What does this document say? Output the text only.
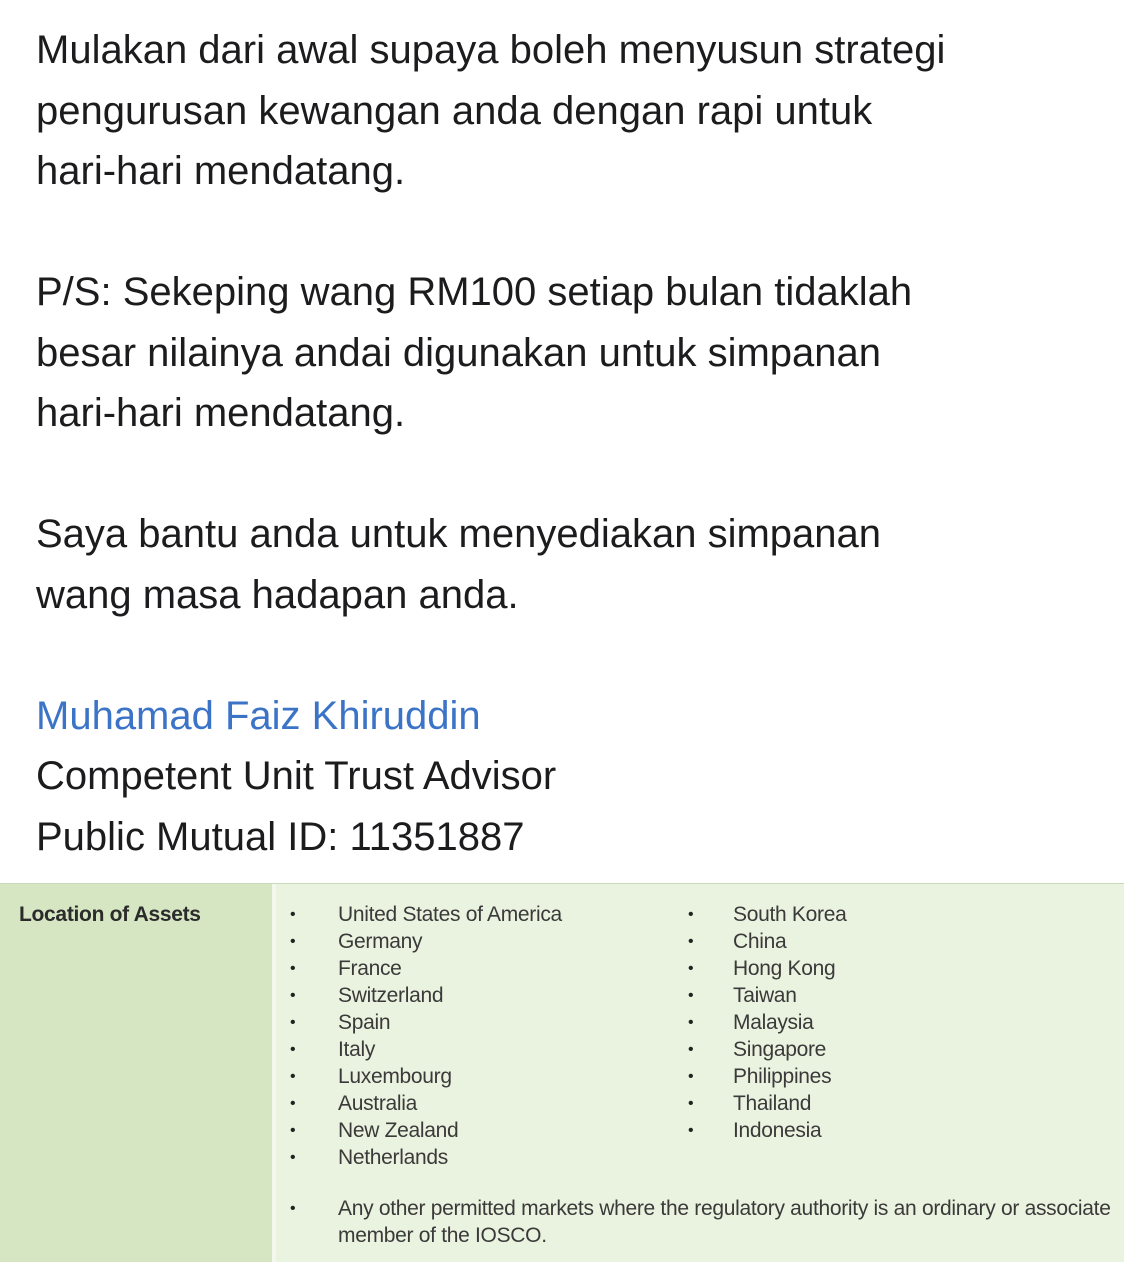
Mulakan dari awal supaya boleh menyusun strategi
pengurusan kewangan anda dengan rapi untuk
hari-hari mendatang.

P/S: Sekeping wang RM100 setiap bulan tidaklah
besar nilainya andai digunakan untuk simpanan
hari-hari mendatang.

Saya bantu anda untuk menyediakan simpanan
wang masa hadapan anda.

Muhamad Faiz Khiruddin
Competent Unit Trust Advisor
Public Mutual ID: 11351887
Location of Assets	• United States of America
• Germany
• France
• Switzerland
• Spain
• Italy
• Luxembourg
• Australia
• New Zealand
• Netherlands
• South Korea
• China
• Hong Kong
• Taiwan
• Malaysia
• Singapore
• Philippines
• Thailand
• Indonesia
• Any other permitted markets where the regulatory authority is an ordinary or associate member of the IOSCO.
